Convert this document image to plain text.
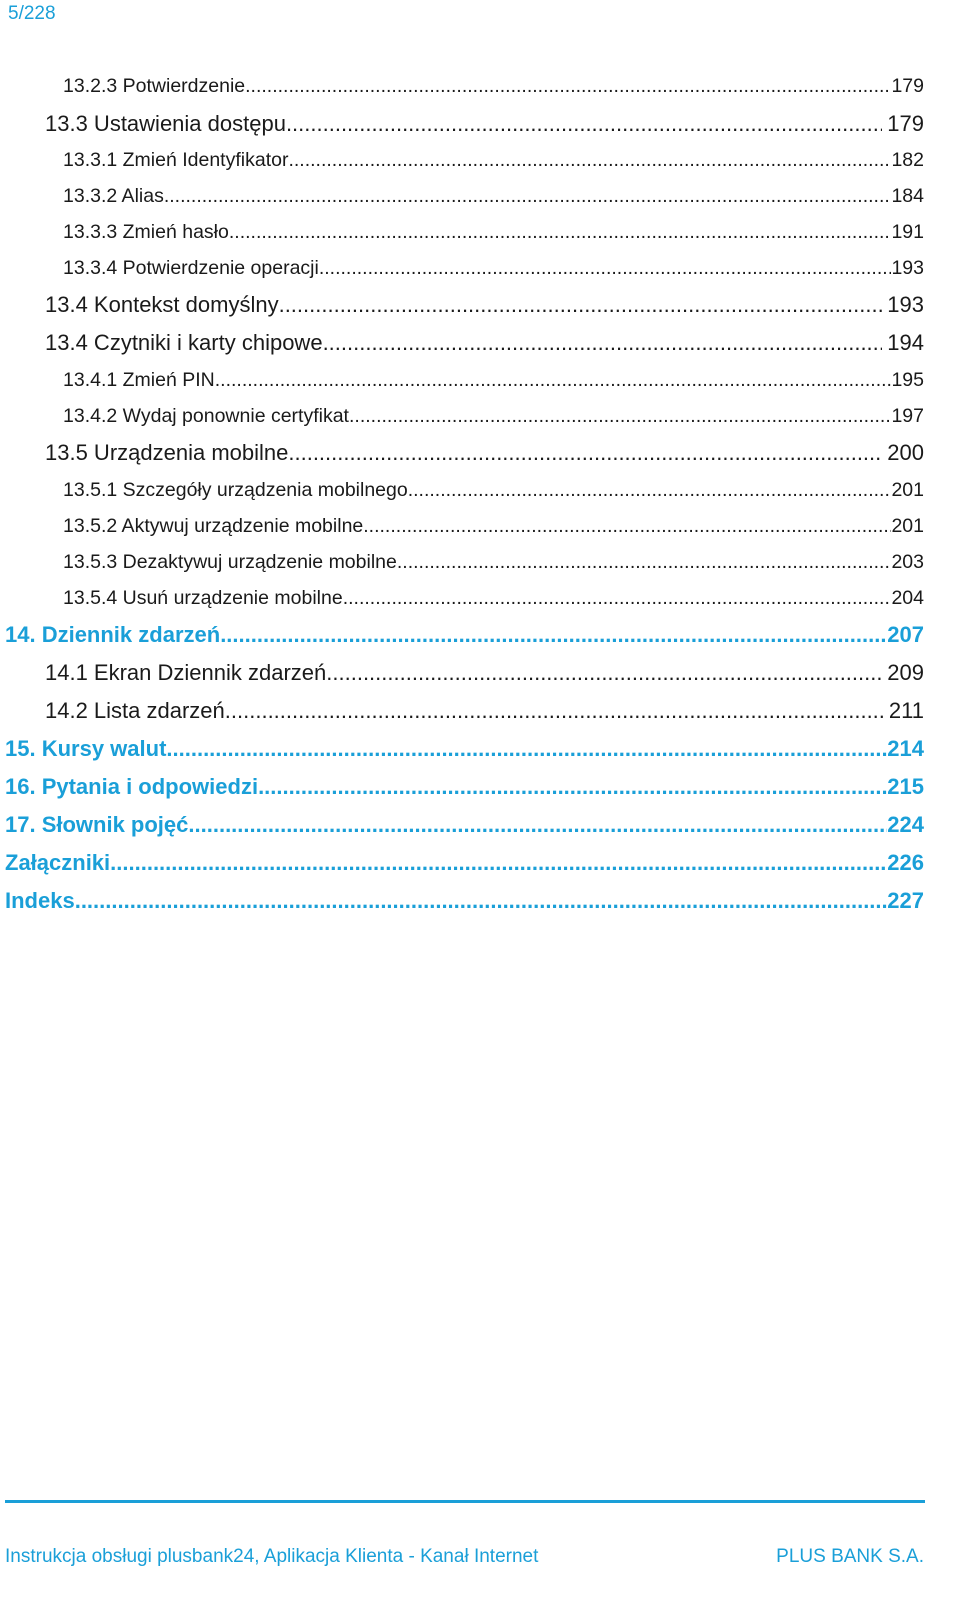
5/228
13.2.3 Potwierdzenie .....	179
13.3 Ustawienia dostępu .....	179
13.3.1 Zmień Identyfikator .....	182
13.3.2 Alias .....	184
13.3.3 Zmień hasło .....	191
13.3.4 Potwierdzenie operacji .....	193
13.4 Kontekst domyślny .....	193
13.4 Czytniki i karty chipowe .....	194
13.4.1 Zmień PIN .....	195
13.4.2 Wydaj ponownie certyfikat .....	197
13.5 Urządzenia mobilne .....	200
13.5.1 Szczegóły urządzenia mobilnego .....	201
13.5.2 Aktywuj urządzenie mobilne .....	201
13.5.3 Dezaktywuj urządzenie mobilne .....	203
13.5.4 Usuń urządzenie mobilne .....	204
14. Dziennik zdarzeń .....	207
14.1 Ekran Dziennik zdarzeń .....	209
14.2 Lista zdarzeń .....	211
15. Kursy walut .....	214
16. Pytania i odpowiedzi .....	215
17. Słownik pojęć .....	224
Załączniki .....	226
Indeks .....	227
Instrukcja obsługi plusbank24, Aplikacja Klienta - Kanał Internet	PLUS BANK S.A.
